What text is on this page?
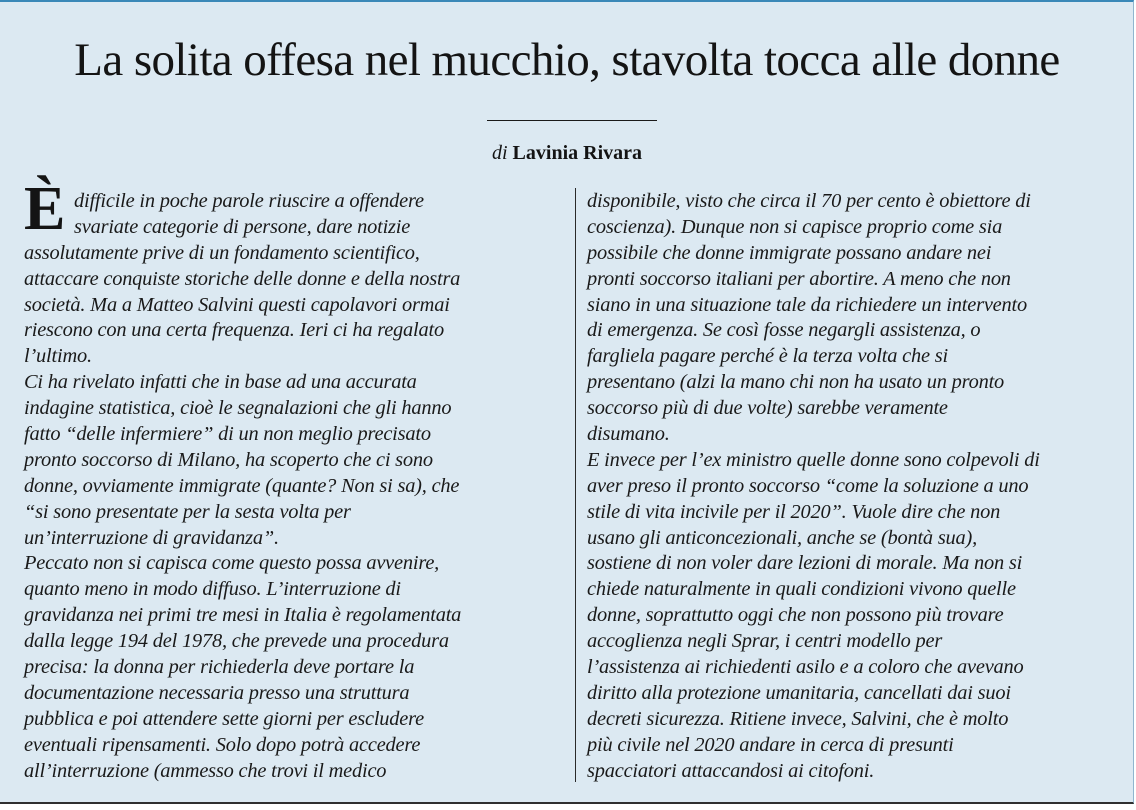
La solita offesa nel mucchio, stavolta tocca alle donne
di Lavinia Rivara
È difficile in poche parole riuscire a offendere
svariate categorie di persone, dare notizie
assolutamente prive di un fondamento scientifico,
attaccare conquiste storiche delle donne e della nostra
società. Ma a Matteo Salvini questi capolavori ormai
riescono con una certa frequenza. Ieri ci ha regalato
l’ultimo.
Ci ha rivelato infatti che in base ad una accurata
indagine statistica, cioè le segnalazioni che gli hanno
fatto “delle infermiere” di un non meglio precisato
pronto soccorso di Milano, ha scoperto che ci sono
donne, ovviamente immigrate (quante? Non si sa), che
“si sono presentate per la sesta volta per
un’interruzione di gravidanza”.
Peccato non si capisca come questo possa avvenire,
quanto meno in modo diffuso. L’interruzione di
gravidanza nei primi tre mesi in Italia è regolamentata
dalla legge 194 del 1978, che prevede una procedura
precisa: la donna per richiederla deve portare la
documentazione necessaria presso una struttura
pubblica e poi attendere sette giorni per escludere
eventuali ripensamenti. Solo dopo potrà accedere
all’interruzione (ammesso che trovi il medico
disponibile, visto che circa il 70 per cento è obiettore di
coscienza). Dunque non si capisce proprio come sia
possibile che donne immigrate possano andare nei
pronti soccorso italiani per abortire. A meno che non
siano in una situazione tale da richiedere un intervento
di emergenza. Se così fosse negargli assistenza, o
fargliela pagare perché è la terza volta che si
presentano (alzi la mano chi non ha usato un pronto
soccorso più di due volte) sarebbe veramente
disumano.
E invece per l’ex ministro quelle donne sono colpevoli di
aver preso il pronto soccorso “come la soluzione a uno
stile di vita incivile per il 2020”. Vuole dire che non
usano gli anticoncezionali, anche se (bontà sua),
sostiene di non voler dare lezioni di morale. Ma non si
chiede naturalmente in quali condizioni vivono quelle
donne, soprattutto oggi che non possono più trovare
accoglienza negli Sprar, i centri modello per
l’assistenza ai richiedenti asilo e a coloro che avevano
diritto alla protezione umanitaria, cancellati dai suoi
decreti sicurezza. Ritiene invece, Salvini, che è molto
più civile nel 2020 andare in cerca di presunti
spacciatori attaccandosi ai citofoni.
